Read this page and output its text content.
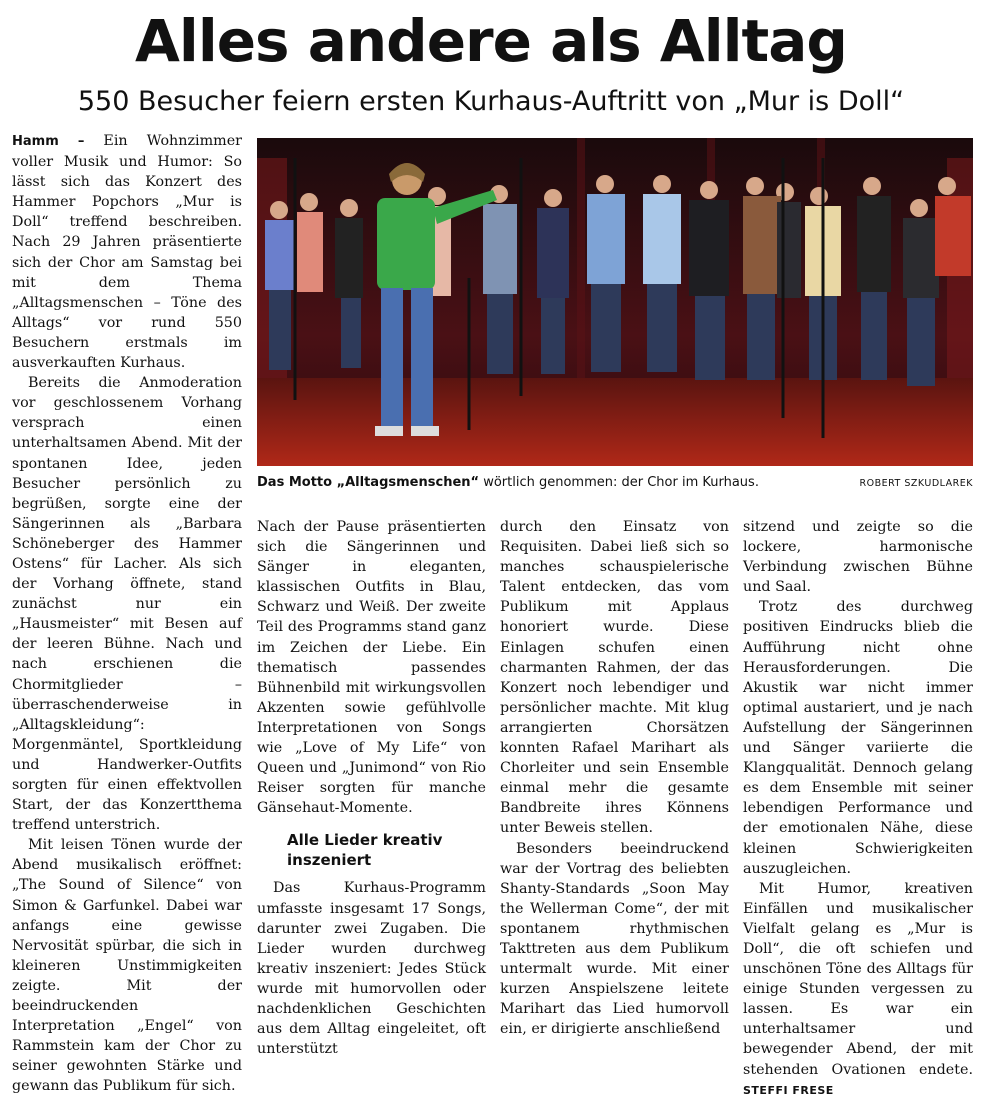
Alles andere als Alltag
550 Besucher feiern ersten Kurhaus-Auftritt von „Mur is Doll“

Hamm – Ein Wohnzimmer voller Musik und Humor: So lässt sich das Konzert des Hammer Popchors „Mur is Doll“ treffend beschreiben. Nach 29 Jahren präsentierte sich der Chor am Samstag bei mit dem Thema „Alltagsmenschen – Töne des Alltags“ vor rund 550 Besuchern erstmals im ausverkauften Kurhaus.

Bereits die Anmoderation vor geschlossenem Vorhang versprach einen unterhaltsamen Abend. Mit der spontanen Idee, jeden Besucher persönlich zu begrüßen, sorgte eine der Sängerinnen als „Barbara Schöneberger des Hammer Ostens“ für Lacher. Als sich der Vorhang öffnete, stand zunächst nur ein „Hausmeister“ mit Besen auf der leeren Bühne. Nach und nach erschienen die Chormitglieder – überraschenderweise in „Alltagskleidung“: Morgenmäntel, Sportkleidung und Handwerker-Outfits sorgten für einen effektvollen Start, der das Konzertthema treffend unterstrich.

Mit leisen Tönen wurde der Abend musikalisch eröffnet: „The Sound of Silence“ von Simon & Garfunkel. Dabei war anfangs eine gewisse Nervosität spürbar, die sich in kleineren Unstimmigkeiten zeigte. Mit der beeindruckenden Interpretation „Engel“ von Rammstein kam der Chor zu seiner gewohnten Stärke und gewann das Publikum für sich.

Das Motto „Alltagsmenschen“ wörtlich genommen: der Chor im Kurhaus.	ROBERT SZKUDLAREK

Nach der Pause präsentierten sich die Sängerinnen und Sänger in eleganten, klassischen Outfits in Blau, Schwarz und Weiß. Der zweite Teil des Programms stand ganz im Zeichen der Liebe. Ein thematisch passendes Bühnenbild mit wirkungsvollen Akzenten sowie gefühlvolle Interpretationen von Songs wie „Love of My Life“ von Queen und „Junimond“ von Rio Reiser sorgten für manche Gänsehaut-Momente.

Alle Lieder kreativ inszeniert

Das Kurhaus-Programm umfasste insgesamt 17 Songs, darunter zwei Zugaben. Die Lieder wurden durchweg kreativ inszeniert: Jedes Stück wurde mit humorvollen oder nachdenklichen Geschichten aus dem Alltag eingeleitet, oft unterstützt

durch den Einsatz von Requisiten. Dabei ließ sich so manches schauspielerische Talent entdecken, das vom Publikum mit Applaus honoriert wurde. Diese Einlagen schufen einen charmanten Rahmen, der das Konzert noch lebendiger und persönlicher machte. Mit klug arrangierten Chorsätzen konnten Rafael Marihart als Chorleiter und sein Ensemble einmal mehr die gesamte Bandbreite ihres Könnens unter Beweis stellen.

Besonders beeindruckend war der Vortrag des beliebten Shanty-Standards „Soon May the Wellerman Come“, der mit spontanem rhythmischen Takttreten aus dem Publikum untermalt wurde. Mit einer kurzen Anspielszene leitete Marihart das Lied humorvoll ein, er dirigierte anschließend

sitzend und zeigte so die lockere, harmonische Verbindung zwischen Bühne und Saal.

Trotz des durchweg positiven Eindrucks blieb die Aufführung nicht ohne Herausforderungen. Die Akustik war nicht immer optimal austariert, und je nach Aufstellung der Sängerinnen und Sänger variierte die Klangqualität. Dennoch gelang es dem Ensemble mit seiner lebendigen Performance und der emotionalen Nähe, diese kleinen Schwierigkeiten auszugleichen.

Mit Humor, kreativen Einfällen und musikalischer Vielfalt gelang es „Mur is Doll“, die oft schiefen und unschönen Töne des Alltags für einige Stunden vergessen zu lassen. Es war ein unterhaltsamer und bewegender Abend, der mit stehenden Ovationen endete. STEFFI FRESE
